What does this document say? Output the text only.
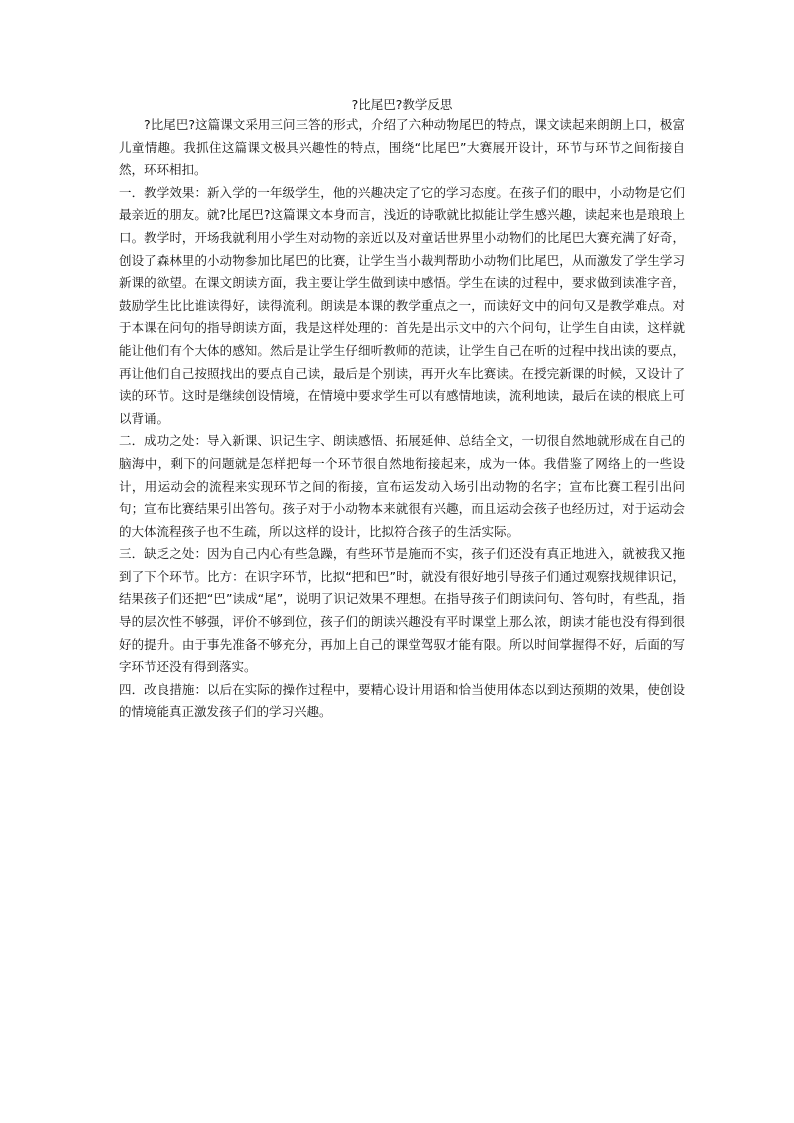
?比尾巴?教学反思

?比尾巴?这篇课文采用三问三答的形式，介绍了六种动物尾巴的特点，课文读起来朗朗上口，极富儿童情趣。我抓住这篇课文极具兴趣性的特点，围绕“比尾巴”大赛展开设计，环节与环节之间衔接自然，环环相扣。

一．教学效果：新入学的一年级学生，他的兴趣决定了它的学习态度。在孩子们的眼中，小动物是它们最亲近的朋友。就?比尾巴?这篇课文本身而言，浅近的诗歌就比拟能让学生感兴趣，读起来也是琅琅上口。教学时，开场我就利用小学生对动物的亲近以及对童话世界里小动物们的比尾巴大赛充满了好奇，创设了森林里的小动物参加比尾巴的比赛，让学生当小裁判帮助小动物们比尾巴，从而激发了学生学习新课的欲望。在课文朗读方面，我主要让学生做到读中感悟。学生在读的过程中，要求做到读准字音，鼓励学生比比谁读得好，读得流利。朗读是本课的教学重点之一，而读好文中的问句又是教学难点。对于本课在问句的指导朗读方面，我是这样处理的：首先是出示文中的六个问句，让学生自由读，这样就能让他们有个大体的感知。然后是让学生仔细听教师的范读，让学生自己在听的过程中找出读的要点，再让他们自己按照找出的要点自己读，最后是个别读，再开火车比赛读。在授完新课的时候，又设计了读的环节。这时是继续创设情境，在情境中要求学生可以有感情地读，流利地读，最后在读的根底上可以背诵。

二．成功之处：导入新课、识记生字、朗读感悟、拓展延伸、总结全文，一切很自然地就形成在自己的脑海中，剩下的问题就是怎样把每一个环节很自然地衔接起来，成为一体。我借鉴了网络上的一些设计，用运动会的流程来实现环节之间的衔接，宣布运发动入场引出动物的名字；宣布比赛工程引出问句；宣布比赛结果引出答句。孩子对于小动物本来就很有兴趣，而且运动会孩子也经历过，对于运动会的大体流程孩子也不生疏，所以这样的设计，比拟符合孩子的生活实际。

三．缺乏之处：因为自己内心有些急躁，有些环节是施而不实，孩子们还没有真正地进入，就被我又拖到了下个环节。比方：在识字环节，比拟“把和巴”时，就没有很好地引导孩子们通过观察找规律识记，结果孩子们还把“巴”读成“尾”，说明了识记效果不理想。在指导孩子们朗读问句、答句时，有些乱，指导的层次性不够强，评价不够到位，孩子们的朗读兴趣没有平时课堂上那么浓，朗读才能也没有得到很好的提升。由于事先准备不够充分，再加上自己的课堂驾驭才能有限。所以时间掌握得不好，后面的写字环节还没有得到落实。

四．改良措施：以后在实际的操作过程中，要精心设计用语和恰当使用体态以到达预期的效果，使创设的情境能真正激发孩子们的学习兴趣。
